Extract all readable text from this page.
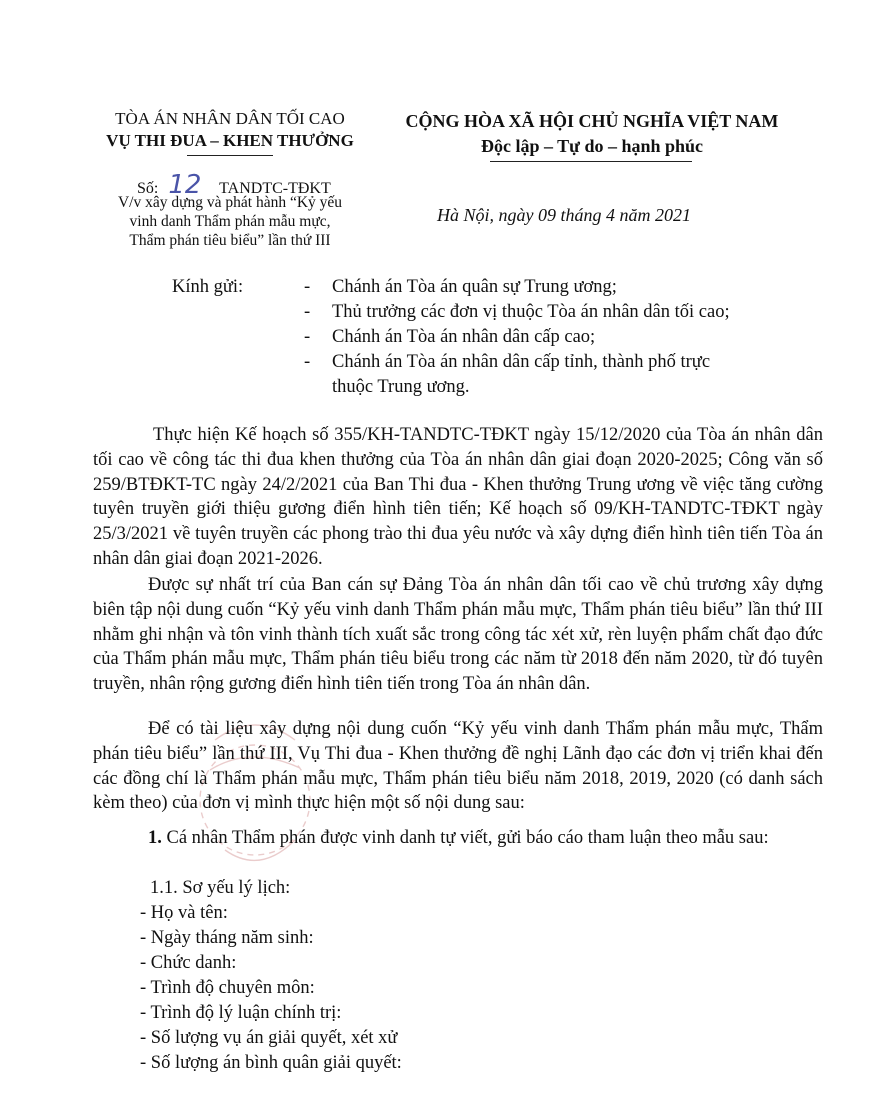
TÒA ÁN NHÂN DÂN TỐI CAO
VỤ THI ĐUA – KHEN THƯỞNG
Số: 12 TANDTC-TĐKT
V/v xây dựng và phát hành “Kỷ yếu
vinh danh Thẩm phán mẫu mực,
Thẩm phán tiêu biểu” lần thứ III
CỘNG HÒA XÃ HỘI CHỦ NGHĨA VIỆT NAM
Độc lập – Tự do – hạnh phúc
Hà Nội, ngày 09 tháng 4 năm 2021
Kính gửi:	- Chánh án Tòa án quân sự Trung ương;
- Thủ trưởng các đơn vị thuộc Tòa án nhân dân tối cao;
- Chánh án Tòa án nhân dân cấp cao;
- Chánh án Tòa án nhân dân cấp tỉnh, thành phố trực
thuộc Trung ương.
Thực hiện Kế hoạch số 355/KH-TANDTC-TĐKT ngày 15/12/2020 của Tòa án nhân dân tối cao về công tác thi đua khen thưởng của Tòa án nhân dân giai đoạn 2020-2025; Công văn số 259/BTĐKT-TC ngày 24/2/2021 của Ban Thi đua - Khen thưởng Trung ương về việc tăng cường tuyên truyền giới thiệu gương điển hình tiên tiến; Kế hoạch số 09/KH-TANDTC-TĐKT ngày 25/3/2021 về tuyên truyền các phong trào thi đua yêu nước và xây dựng điển hình tiên tiến Tòa án nhân dân giai đoạn 2021-2026.
Được sự nhất trí của Ban cán sự Đảng Tòa án nhân dân tối cao về chủ trương xây dựng biên tập nội dung cuốn “Kỷ yếu vinh danh Thẩm phán mẫu mực, Thẩm phán tiêu biểu” lần thứ III nhằm ghi nhận và tôn vinh thành tích xuất sắc trong công tác xét xử, rèn luyện phẩm chất đạo đức của Thẩm phán mẫu mực, Thẩm phán tiêu biểu trong các năm từ 2018 đến năm 2020, từ đó tuyên truyền, nhân rộng gương điển hình tiên tiến trong Tòa án nhân dân.
Để có tài liệu xây dựng nội dung cuốn “Kỷ yếu vinh danh Thẩm phán mẫu mực, Thẩm phán tiêu biểu” lần thứ III, Vụ Thi đua - Khen thưởng đề nghị Lãnh đạo các đơn vị triển khai đến các đồng chí là Thẩm phán mẫu mực, Thẩm phán tiêu biểu năm 2018, 2019, 2020 (có danh sách kèm theo) của đơn vị mình thực hiện một số nội dung sau:
1. Cá nhân Thẩm phán được vinh danh tự viết, gửi báo cáo tham luận theo mẫu sau:
1.1. Sơ yếu lý lịch:
- Họ và tên:
- Ngày tháng năm sinh:
- Chức danh:
- Trình độ chuyên môn:
- Trình độ lý luận chính trị:
- Số lượng vụ án giải quyết, xét xử
- Số lượng án bình quân giải quyết:
